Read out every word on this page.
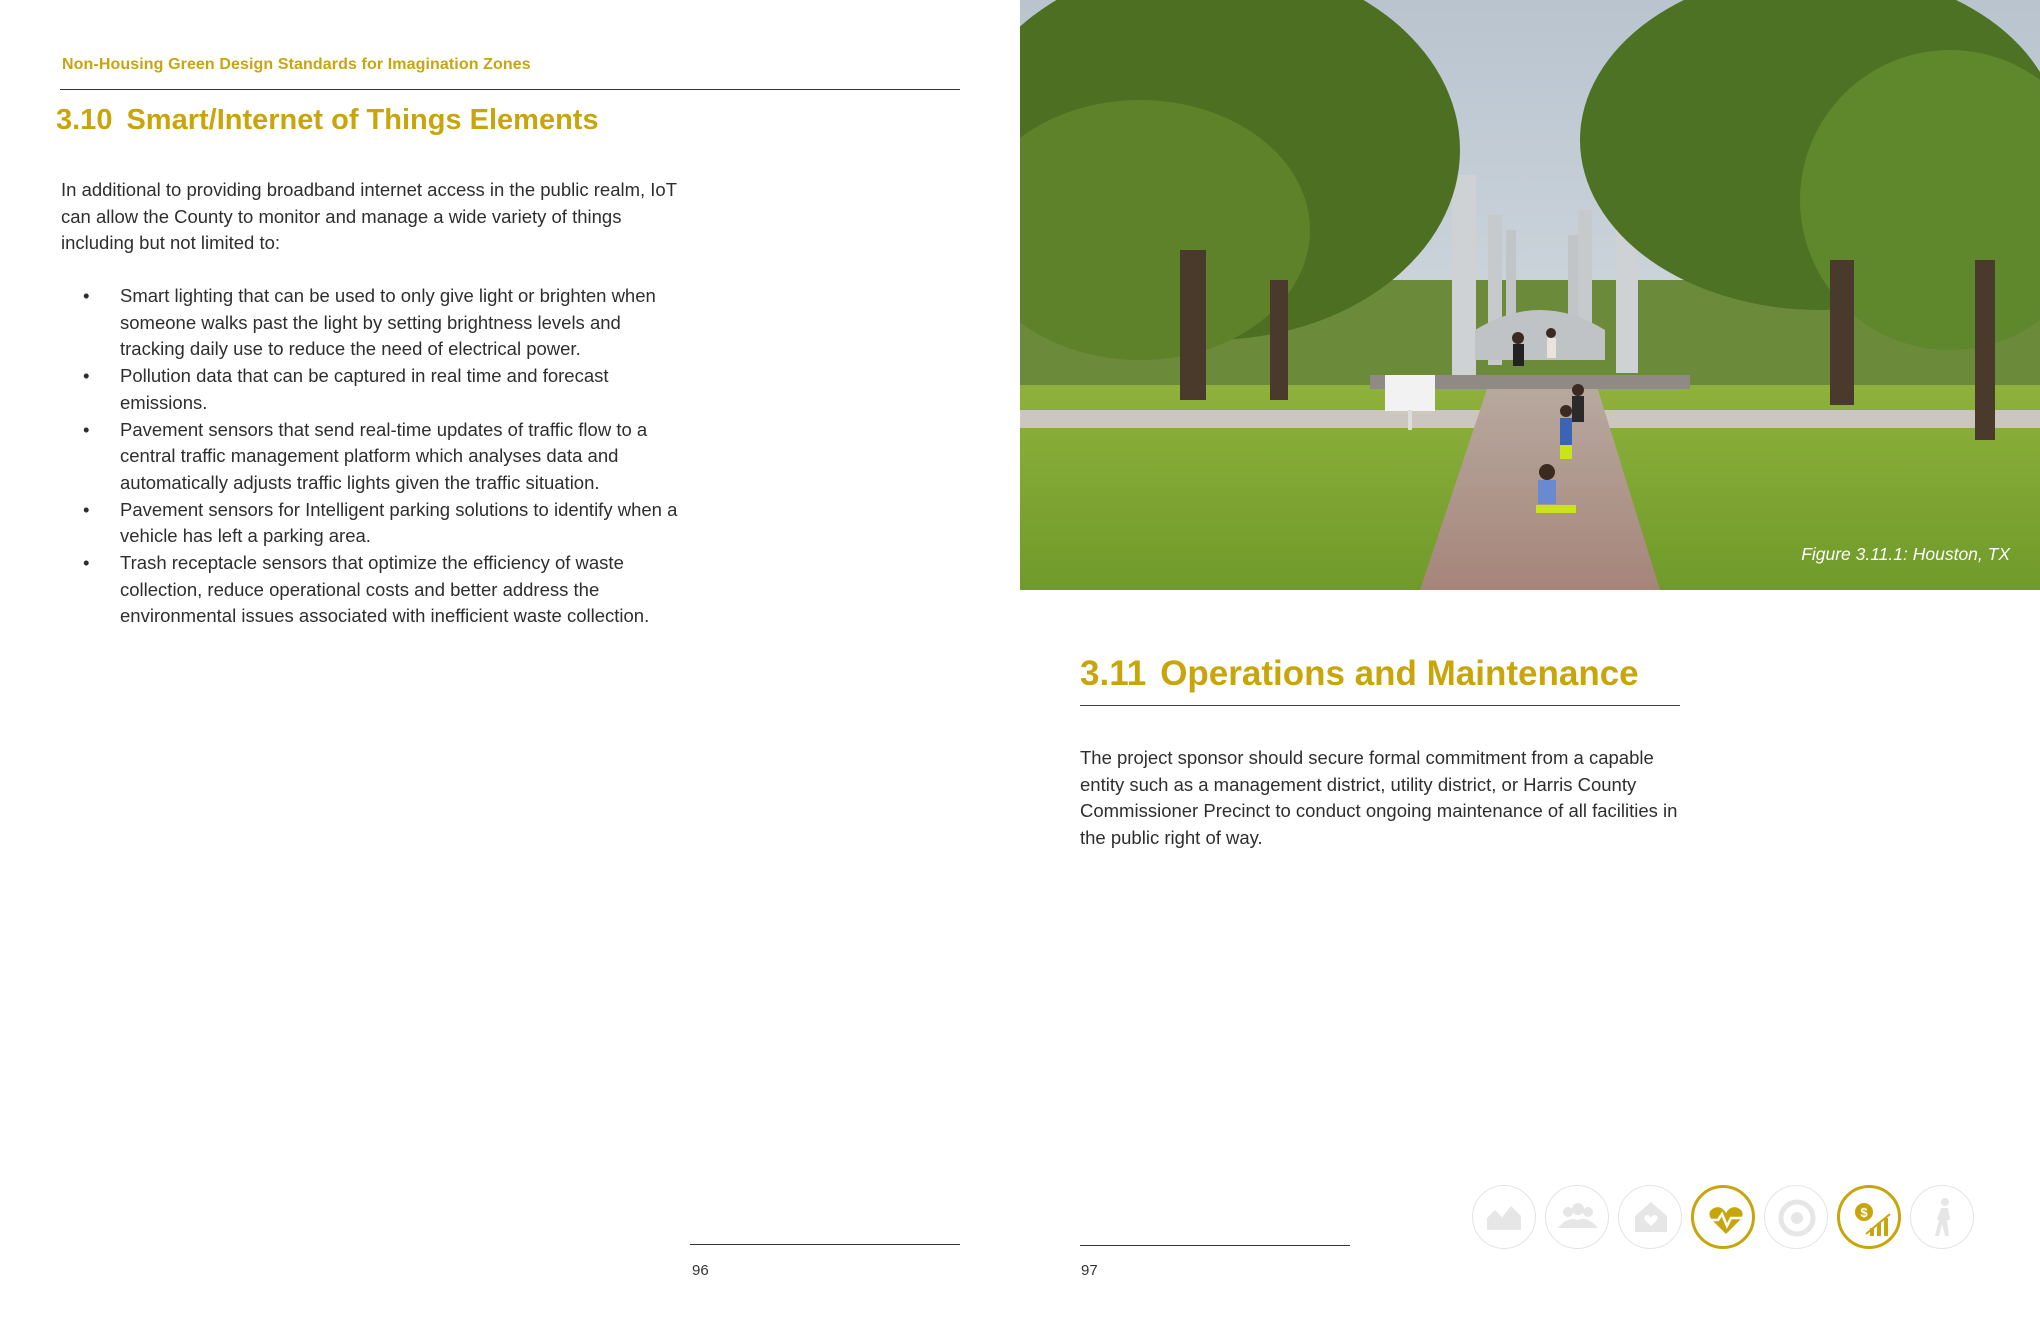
Non-Housing Green Design Standards for Imagination Zones
3.10 Smart/Internet of Things Elements
In additional to providing broadband internet access in the public realm, IoT can allow the County to monitor and manage a wide variety of things including but not limited to:
• Smart lighting that can be used to only give light or brighten when someone walks past the light by setting brightness levels and tracking daily use to reduce the need of electrical power.
• Pollution data that can be captured in real time and forecast emissions.
• Pavement sensors that send real-time updates of traffic flow to a central traffic management platform which analyses data and automatically adjusts traffic lights given the traffic situation.
• Pavement sensors for Intelligent parking solutions to identify when a vehicle has left a parking area.
• Trash receptacle sensors that optimize the efficiency of waste collection, reduce operational costs and better address the environmental issues associated with inefficient waste collection.
96
Figure 3.11.1: Houston, TX
3.11 Operations and Maintenance
The project sponsor should secure formal commitment from a capable entity such as a management district, utility district, or Harris County Commissioner Precinct to conduct ongoing maintenance of all facilities in the public right of way.
$
97
